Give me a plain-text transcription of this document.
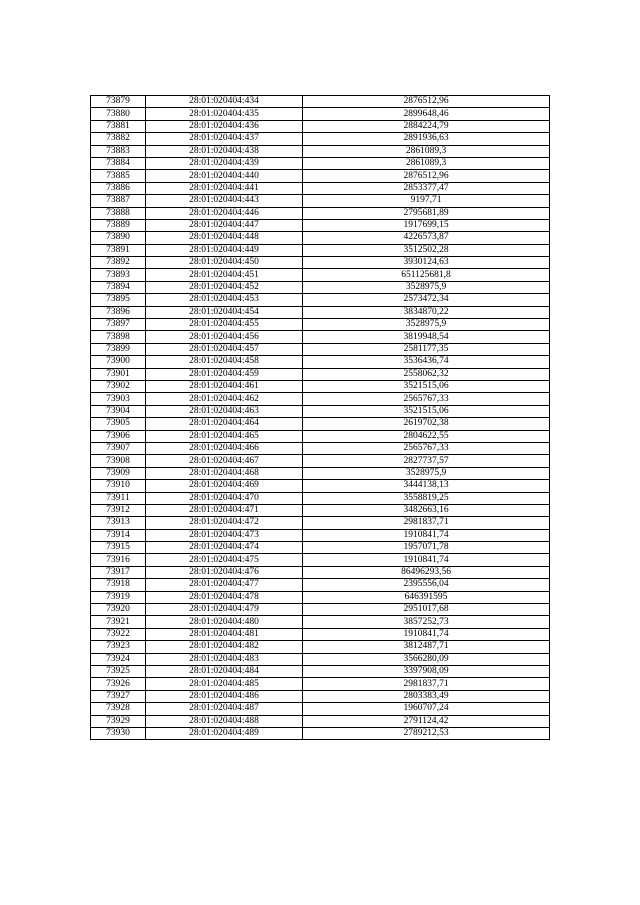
73879	28:01:020404:434	2876512,96
73880	28:01:020404:435	2899648,46
73881	28:01:020404:436	2884224,79
73882	28:01:020404:437	2891936,63
73883	28:01:020404:438	2861089,3
73884	28:01:020404:439	2861089,3
73885	28:01:020404:440	2876512,96
73886	28:01:020404:441	2853377,47
73887	28:01:020404:443	9197,71
73888	28:01:020404:446	2795681,89
73889	28:01:020404:447	1917699,15
73890	28:01:020404:448	4226573,87
73891	28:01:020404:449	3512502,28
73892	28:01:020404:450	3930124,63
73893	28:01:020404:451	651125681,8
73894	28:01:020404:452	3528975,9
73895	28:01:020404:453	2573472,34
73896	28:01:020404:454	3834870,22
73897	28:01:020404:455	3528975,9
73898	28:01:020404:456	3819948,54
73899	28:01:020404:457	2581177,35
73900	28:01:020404:458	3536436,74
73901	28:01:020404:459	2558062,32
73902	28:01:020404:461	3521515,06
73903	28:01:020404:462	2565767,33
73904	28:01:020404:463	3521515,06
73905	28:01:020404:464	2619702,38
73906	28:01:020404:465	2804622,55
73907	28:01:020404:466	2565767,33
73908	28:01:020404:467	2827737,57
73909	28:01:020404:468	3528975,9
73910	28:01:020404:469	3444138,13
73911	28:01:020404:470	3558819,25
73912	28:01:020404:471	3482663,16
73913	28:01:020404:472	2981837,71
73914	28:01:020404:473	1910841,74
73915	28:01:020404:474	1957071,78
73916	28:01:020404:475	1910841,74
73917	28:01:020404:476	86496293,56
73918	28:01:020404:477	2395556,04
73919	28:01:020404:478	646391595
73920	28:01:020404:479	2951017,68
73921	28:01:020404:480	3857252,73
73922	28:01:020404:481	1910841,74
73923	28:01:020404:482	3812487,71
73924	28:01:020404:483	3566280,09
73925	28:01:020404:484	3397908,09
73926	28:01:020404:485	2981837,71
73927	28:01:020404:486	2803383,49
73928	28:01:020404:487	1960707,24
73929	28:01:020404:488	2791124,42
73930	28:01:020404:489	2789212,53
